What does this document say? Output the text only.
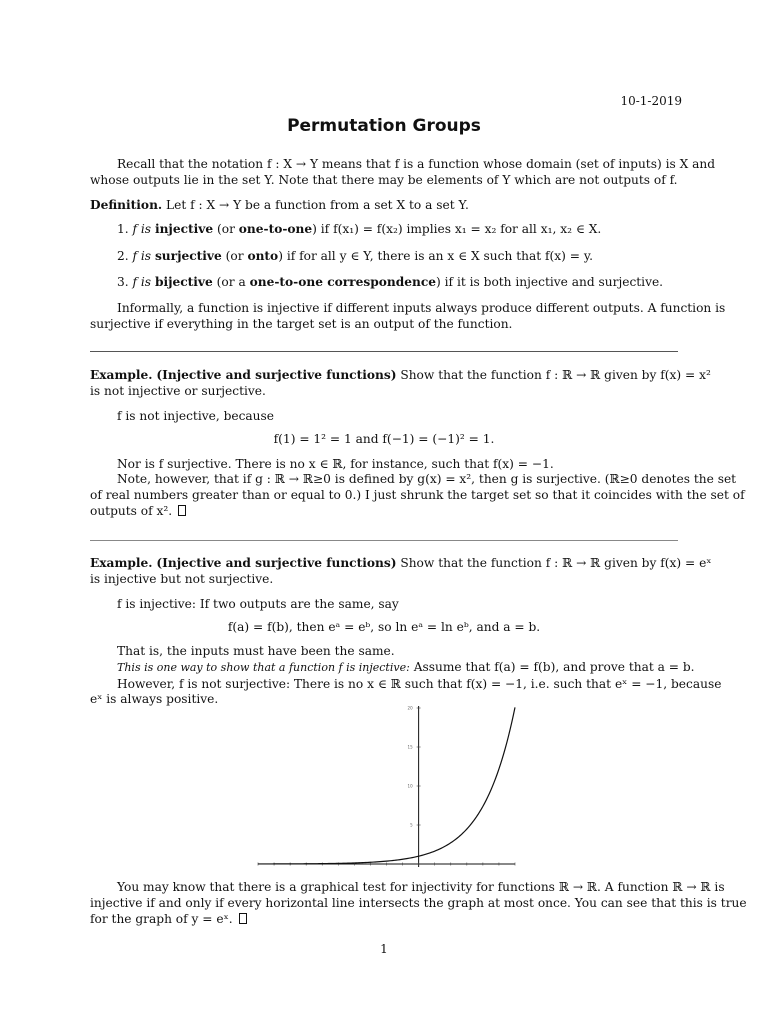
10-1-2019
Permutation Groups
Recall that the notation f : X → Y means that f is a function whose domain (set of inputs) is X and
whose outputs lie in the set Y. Note that there may be elements of Y which are not outputs of f.
Definition. Let f : X → Y be a function from a set X to a set Y.
1. f is injective (or one-to-one) if f(x₁) = f(x₂) implies x₁ = x₂ for all x₁, x₂ ∈ X.
2. f is surjective (or onto) if for all y ∈ Y, there is an x ∈ X such that f(x) = y.
3. f is bijective (or a one-to-one correspondence) if it is both injective and surjective.
Informally, a function is injective if different inputs always produce different outputs. A function is
surjective if everything in the target set is an output of the function.
Example. (Injective and surjective functions) Show that the function f : ℝ → ℝ given by f(x) = x²
is not injective or surjective.
f is not injective, because
f(1) = 1² = 1 and f(−1) = (−1)² = 1.
Nor is f surjective. There is no x ∈ ℝ, for instance, such that f(x) = −1.
Note, however, that if g : ℝ → ℝ≥0 is defined by g(x) = x², then g is surjective. (ℝ≥0 denotes the set
of real numbers greater than or equal to 0.) I just shrunk the target set so that it coincides with the set of
outputs of x².
Example. (Injective and surjective functions) Show that the function f : ℝ → ℝ given by f(x) = eˣ
is injective but not surjective.
f is injective: If two outputs are the same, say
f(a) = f(b), then eᵃ = eᵇ, so ln eᵃ = ln eᵇ, and a = b.
That is, the inputs must have been the same.
This is one way to show that a function f is injective: Assume that f(a) = f(b), and prove that a = b.
However, f is not surjective: There is no x ∈ ℝ such that f(x) = −1, i.e. such that eˣ = −1, because
eˣ is always positive.
5
10
15
20
You may know that there is a graphical test for injectivity for functions ℝ → ℝ. A function ℝ → ℝ is
injective if and only if every horizontal line intersects the graph at most once. You can see that this is true
for the graph of y = eˣ.
1
